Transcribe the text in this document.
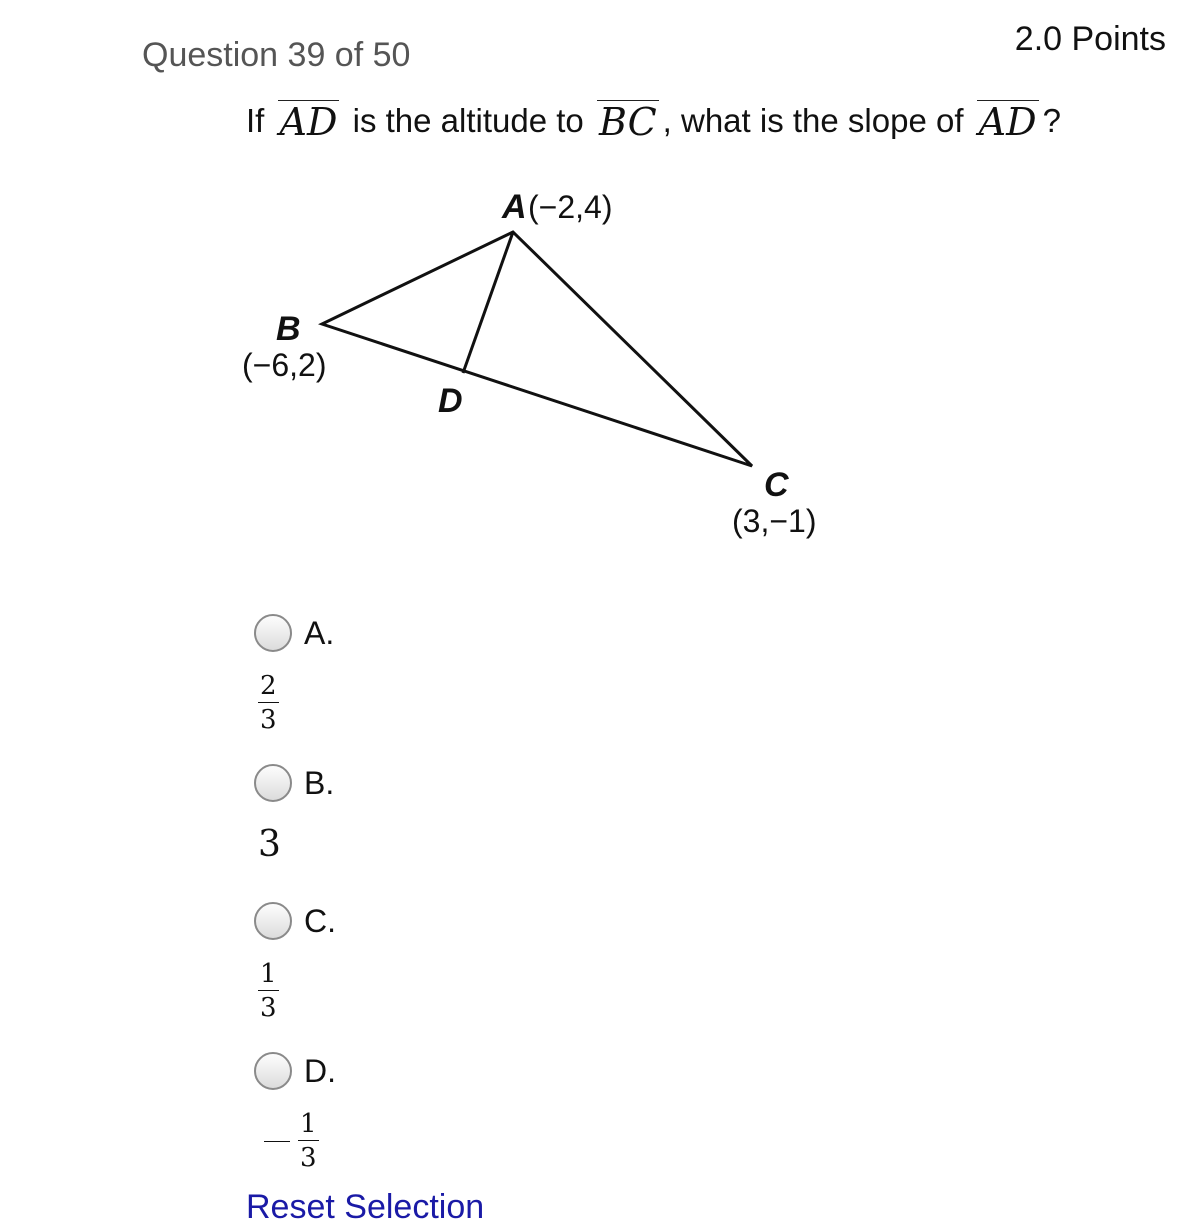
Question 39 of 50	2.0 Points
If AD is the altitude to BC , what is the slope of AD ?
A (−2,4)
B
(−6,2)
D
C
(3,−1)
A.
$\frac{2}{3}$
B.
3
C.
$\frac{1}{3}$
D.
$\frac{1}{3}$
Reset Selection
